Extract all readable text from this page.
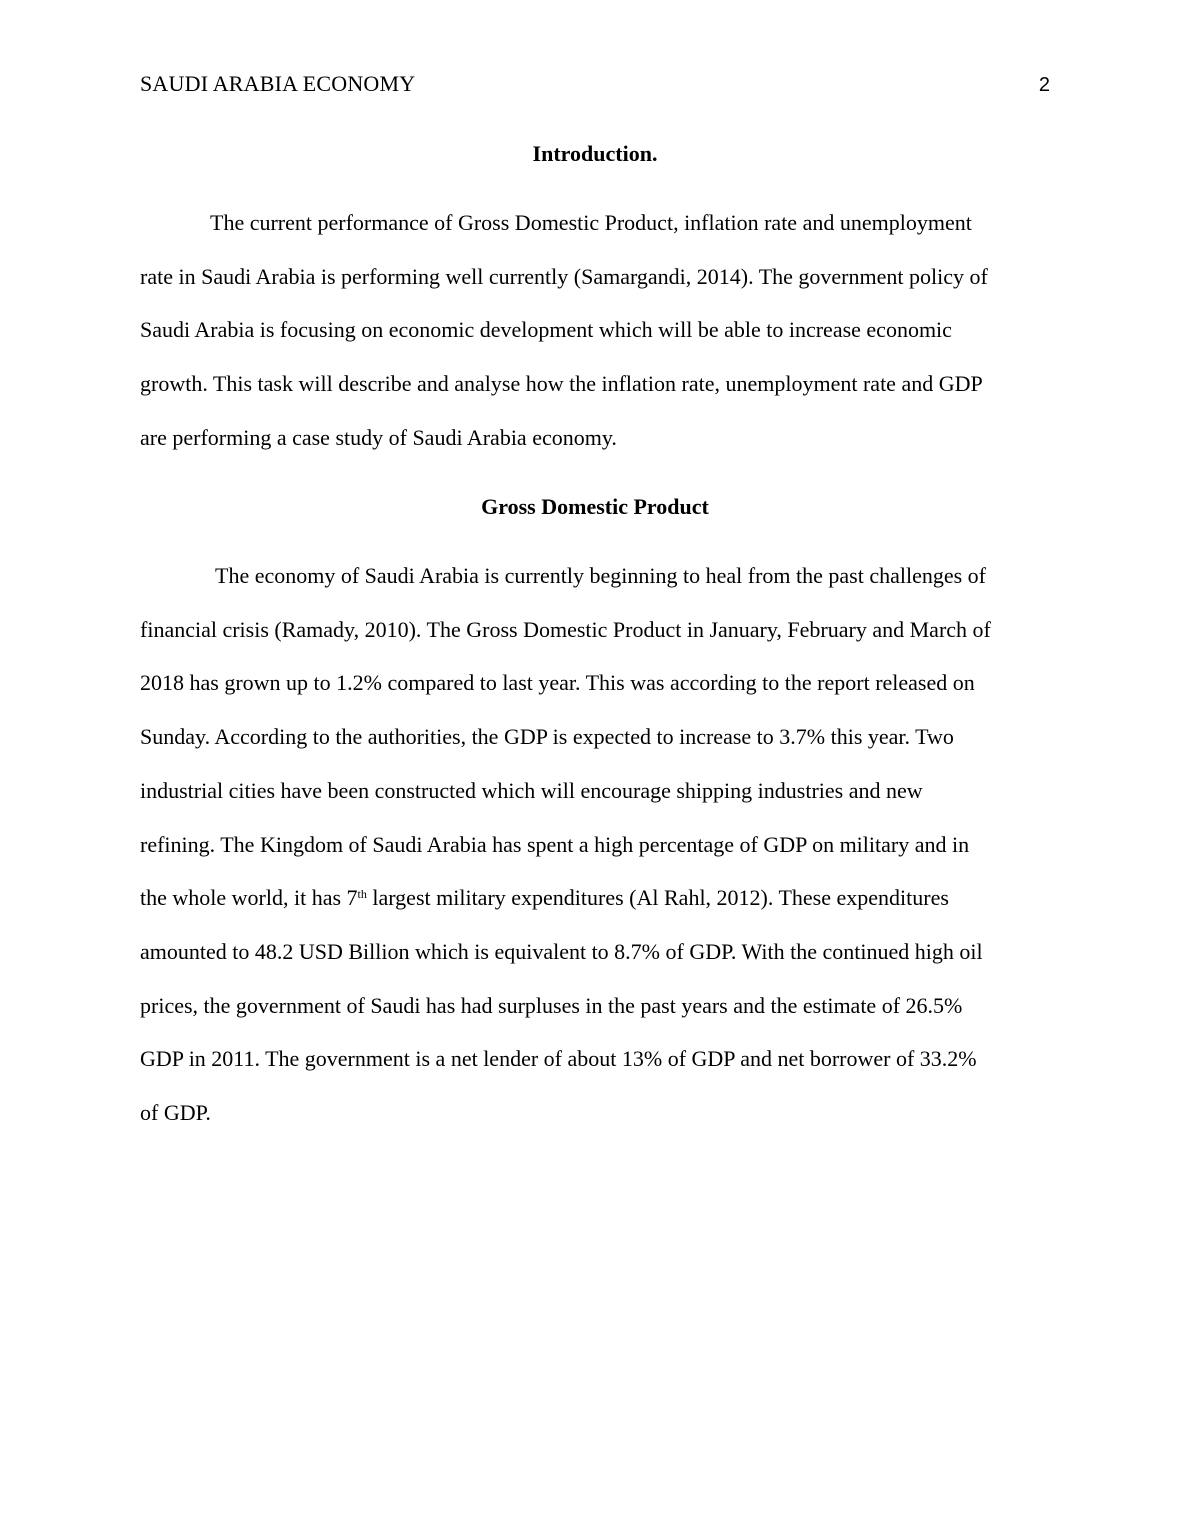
SAUDI ARABIA ECONOMY	2
Introduction.
The current performance of Gross Domestic Product, inflation rate and unemployment
rate in Saudi Arabia is performing well currently (Samargandi, 2014). The government policy of
Saudi Arabia is focusing on economic development which will be able to increase economic
growth. This task will describe and analyse how the inflation rate, unemployment rate and GDP
are performing a case study of Saudi Arabia economy.
Gross Domestic Product
The economy of Saudi Arabia is currently beginning to heal from the past challenges of
financial crisis (Ramady, 2010). The Gross Domestic Product in January, February and March of
2018 has grown up to 1.2% compared to last year. This was according to the report released on
Sunday. According to the authorities, the GDP is expected to increase to 3.7% this year. Two
industrial cities have been constructed which will encourage shipping industries and new
refining. The Kingdom of Saudi Arabia has spent a high percentage of GDP on military and in
the whole world, it has 7th largest military expenditures (Al Rahl, 2012). These expenditures
amounted to 48.2 USD Billion which is equivalent to 8.7% of GDP. With the continued high oil
prices, the government of Saudi has had surpluses in the past years and the estimate of 26.5%
GDP in 2011. The government is a net lender of about 13% of GDP and net borrower of 33.2%
of GDP.
